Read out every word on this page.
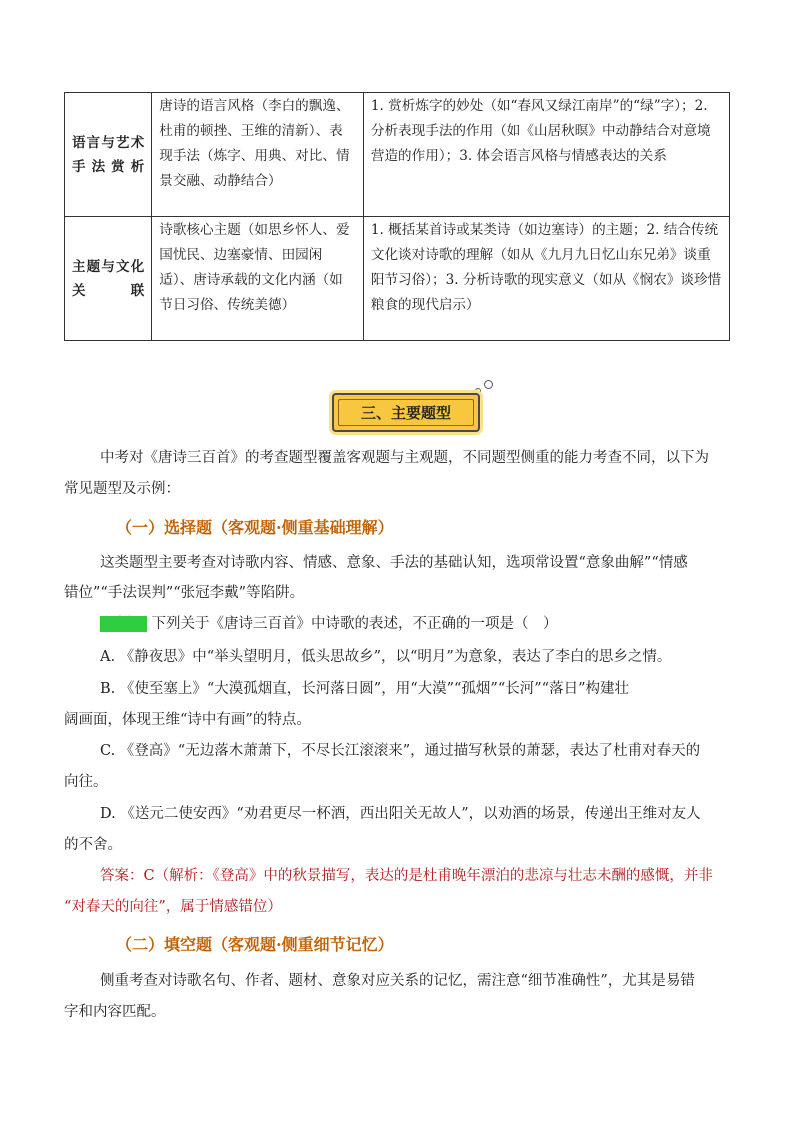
语言与艺术手法赏析	唐诗的语言风格（李白的飘逸、杜甫的顿挫、王维的清新）、表现手法（炼字、用典、对比、情景交融、动静结合）	1. 赏析炼字的妙处（如“春风又绿江南岸”的“绿”字）；2. 分析表现手法的作用（如《山居秋暝》中动静结合对意境营造的作用）；3. 体会语言风格与情感表达的关系
主题与文化关联	诗歌核心主题（如思乡怀人、爱国忧民、边塞豪情、田园闲适）、唐诗承载的文化内涵（如节日习俗、传统美德）	1. 概括某首诗或某类诗（如边塞诗）的主题；2. 结合传统文化谈对诗歌的理解（如从《九月九日忆山东兄弟》谈重阳节习俗）；3. 分析诗歌的现实意义（如从《悯农》谈珍惜粮食的现代启示）
三、主要题型
中考对《唐诗三百首》的考查题型覆盖客观题与主观题，不同题型侧重的能力考查不同，以下为
常见题型及示例：
（一）选择题（客观题·侧重基础理解）
这类题型主要考查对诗歌内容、情感、意象、手法的基础认知，选项常设置“意象曲解”“情感
错位”“手法误判”“张冠李戴”等陷阱。
示例 1 下列关于《唐诗三百首》中诗歌的表述，不正确的一项是（　）
A. 《静夜思》中“举头望明月，低头思故乡”，以“明月”为意象，表达了李白的思乡之情。
B. 《使至塞上》“大漠孤烟直，长河落日圆”，用“大漠”“孤烟”“长河”“落日”构建壮
阔画面，体现王维“诗中有画”的特点。
C. 《登高》“无边落木萧萧下，不尽长江滚滚来”，通过描写秋景的萧瑟，表达了杜甫对春天的
向往。
D. 《送元二使安西》“劝君更尽一杯酒，西出阳关无故人”，以劝酒的场景，传递出王维对友人
的不舍。
答案：C（解析：《登高》中的秋景描写，表达的是杜甫晚年漂泊的悲凉与壮志未酬的感慨，并非
“对春天的向往”，属于情感错位）
（二）填空题（客观题·侧重细节记忆）
侧重考查对诗歌名句、作者、题材、意象对应关系的记忆，需注意“细节准确性”，尤其是易错
字和内容匹配。
